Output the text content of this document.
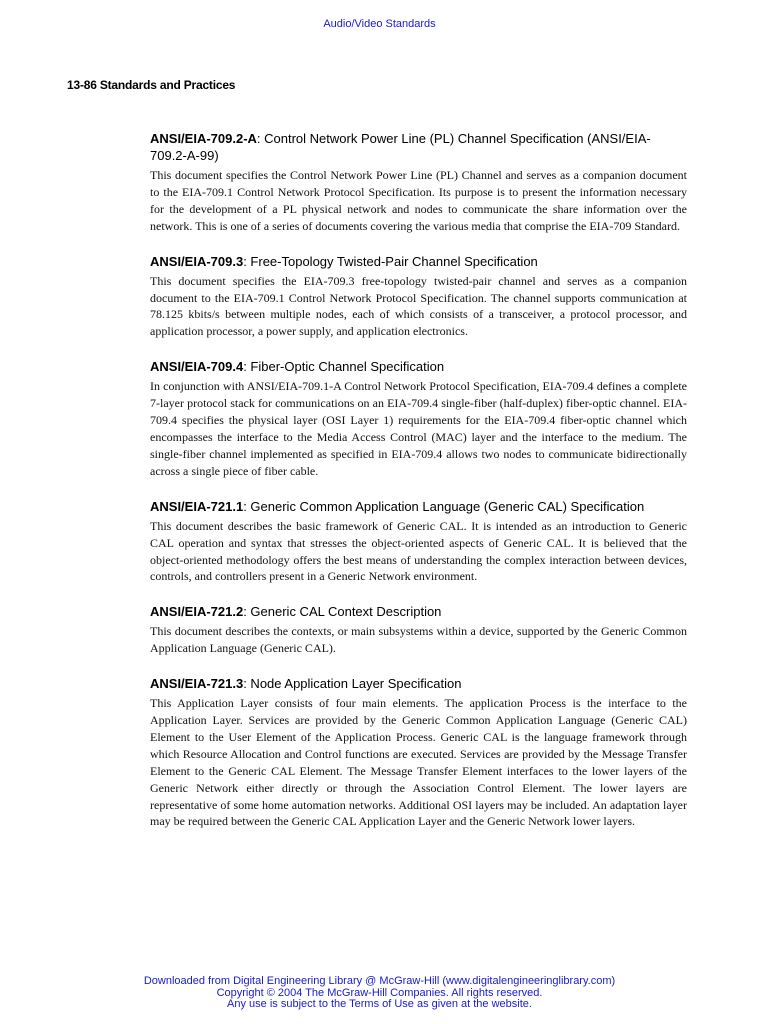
Audio/Video Standards
13-86 Standards and Practices
ANSI/EIA-709.2-A: Control Network Power Line (PL) Channel Specification (ANSI/EIA-709.2-A-99)

This document specifies the Control Network Power Line (PL) Channel and serves as a companion document to the EIA-709.1 Control Network Protocol Specification. Its purpose is to present the information necessary for the development of a PL physical network and nodes to communicate the share information over the network. This is one of a series of documents covering the various media that comprise the EIA-709 Standard.

ANSI/EIA-709.3: Free-Topology Twisted-Pair Channel Specification

This document specifies the EIA-709.3 free-topology twisted-pair channel and serves as a companion document to the EIA-709.1 Control Network Protocol Specification. The channel supports communication at 78.125 kbits/s between multiple nodes, each of which consists of a transceiver, a protocol processor, and application processor, a power supply, and application electronics.

ANSI/EIA-709.4: Fiber-Optic Channel Specification

In conjunction with ANSI/EIA-709.1-A Control Network Protocol Specification, EIA-709.4 defines a complete 7-layer protocol stack for communications on an EIA-709.4 single-fiber (half-duplex) fiber-optic channel. EIA-709.4 specifies the physical layer (OSI Layer 1) requirements for the EIA-709.4 fiber-optic channel which encompasses the interface to the Media Access Control (MAC) layer and the interface to the medium. The single-fiber channel implemented as specified in EIA-709.4 allows two nodes to communicate bidirectionally across a single piece of fiber cable.

ANSI/EIA-721.1: Generic Common Application Language (Generic CAL) Specification

This document describes the basic framework of Generic CAL. It is intended as an introduction to Generic CAL operation and syntax that stresses the object-oriented aspects of Generic CAL. It is believed that the object-oriented methodology offers the best means of understanding the complex interaction between devices, controls, and controllers present in a Generic Network environment.

ANSI/EIA-721.2: Generic CAL Context Description

This document describes the contexts, or main subsystems within a device, supported by the Generic Common Application Language (Generic CAL).

ANSI/EIA-721.3: Node Application Layer Specification

This Application Layer consists of four main elements. The application Process is the interface to the Application Layer. Services are provided by the Generic Common Application Language (Generic CAL) Element to the User Element of the Application Process. Generic CAL is the language framework through which Resource Allocation and Control functions are executed. Services are provided by the Message Transfer Element to the Generic CAL Element. The Message Transfer Element interfaces to the lower layers of the Generic Network either directly or through the Association Control Element. The lower layers are representative of some home automation networks. Additional OSI layers may be included. An adaptation layer may be required between the Generic CAL Application Layer and the Generic Network lower layers.

Downloaded from Digital Engineering Library @ McGraw-Hill (www.digitalengineeringlibrary.com)
Copyright © 2004 The McGraw-Hill Companies. All rights reserved.
Any use is subject to the Terms of Use as given at the website.
